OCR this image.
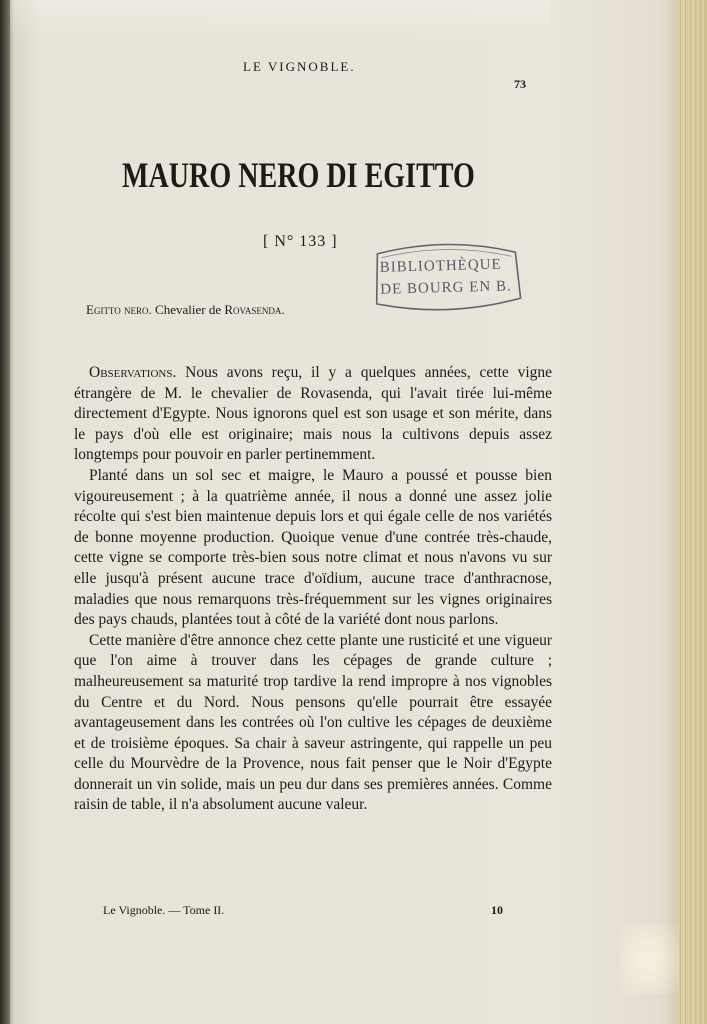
LE VIGNOBLE.
73
MAURO NERO DI EGITTO
[ N° 133 ]
Egitto nero. Chevalier de Rovasenda.
BIBLIOTHÈQUE
DE BOURG EN B.

Observations. Nous avons reçu, il y a quelques années, cette vigne étrangère de M. le chevalier de Rovasenda, qui l'avait tirée lui-même directement d'Egypte. Nous ignorons quel est son usage et son mérite, dans le pays d'où elle est originaire; mais nous la cultivons depuis assez longtemps pour pouvoir en parler pertinemment.

Planté dans un sol sec et maigre, le Mauro a poussé et pousse bien vigoureusement ; à la quatrième année, il nous a donné une assez jolie récolte qui s'est bien maintenue depuis lors et qui égale celle de nos variétés de bonne moyenne production. Quoique venue d'une contrée très-chaude, cette vigne se comporte très-bien sous notre climat et nous n'avons vu sur elle jusqu'à présent aucune trace d'oïdium, aucune trace d'anthracnose, maladies que nous remarquons très-fréquemment sur les vignes originaires des pays chauds, plantées tout à côté de la variété dont nous parlons.

Cette manière d'être annonce chez cette plante une rusticité et une vigueur que l'on aime à trouver dans les cépages de grande culture ; malheureusement sa maturité trop tardive la rend impropre à nos vignobles du Centre et du Nord. Nous pensons qu'elle pourrait être essayée avantageusement dans les contrées où l'on cultive les cépages de deuxième et de troisième époques. Sa chair à saveur astringente, qui rappelle un peu celle du Mourvèdre de la Provence, nous fait penser que le Noir d'Egypte donnerait un vin solide, mais un peu dur dans ses premières années. Comme raisin de table, il n'a absolument aucune valeur.

Le Vignoble. — Tome II.	10
